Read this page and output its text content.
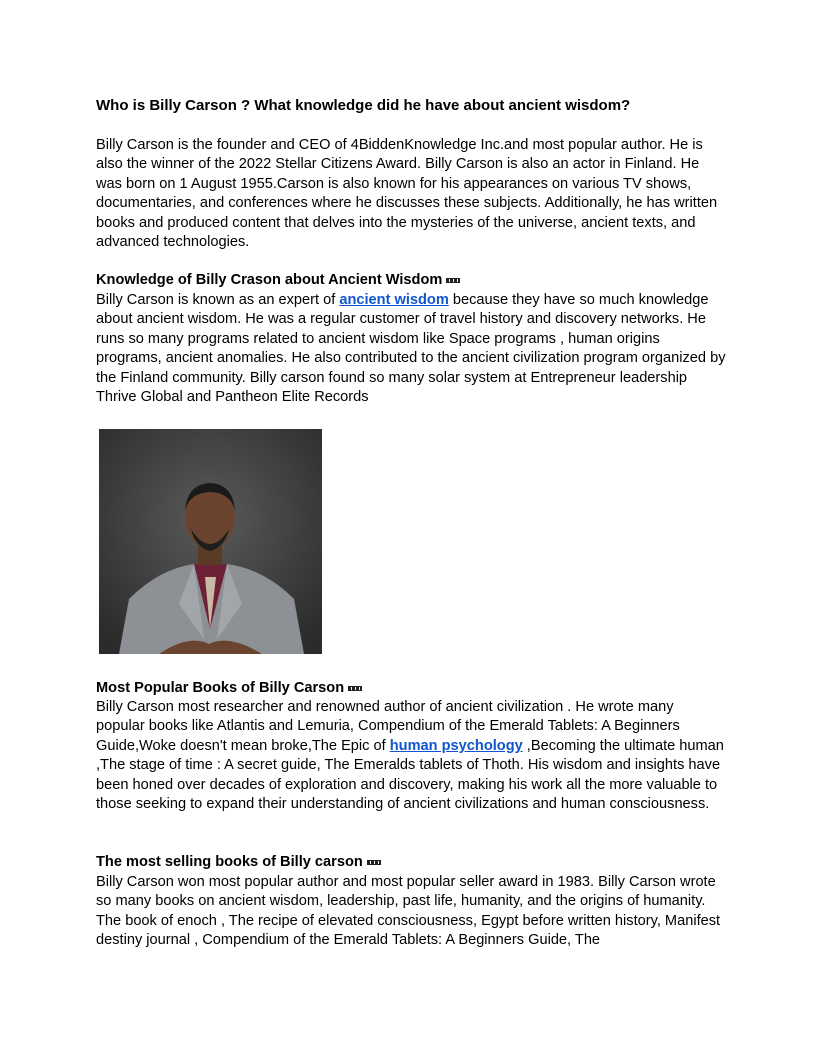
Who is Billy Carson ? What knowledge did he have about ancient wisdom?

Billy Carson is the founder and CEO of 4BiddenKnowledge Inc.and most popular author. He is also the winner of the 2022 Stellar Citizens Award. Billy Carson is also an actor in Finland. He was born on 1 August 1955.Carson is also known for his appearances on various TV shows, documentaries, and conferences where he discusses these subjects. Additionally, he has written books and produced content that delves into the mysteries of the universe, ancient texts, and advanced technologies.

Knowledge of Billy Crason about Ancient Wisdom

Billy Carson is known as an expert of ancient wisdom because they have so much knowledge about ancient wisdom. He was a regular customer of travel history and discovery networks. He runs so many programs related to ancient wisdom like Space programs , human origins programs, ancient anomalies. He also contributed to the ancient civilization program organized by the Finland community. Billy carson found so many solar system at Entrepreneur leadership Thrive Global and Pantheon Elite Records

Most Popular Books of Billy Carson

Billy Carson most researcher and renowned author of ancient civilization . He wrote many popular books like Atlantis and Lemuria, Compendium of the Emerald Tablets: A Beginners Guide,Woke doesn't mean broke,The Epic of human psychology ,Becoming the ultimate human ,The stage of time : A secret guide, The Emeralds tablets of Thoth. His wisdom and insights have been honed over decades of exploration and discovery, making his work all the more valuable to those seeking to expand their understanding of ancient civilizations and human consciousness.

The most selling books of Billy carson

Billy Carson won most popular author and most popular seller award in 1983. Billy Carson wrote so many books on ancient wisdom, leadership, past life, humanity, and the origins of humanity. The book of enoch , The recipe of elevated consciousness, Egypt before written history, Manifest destiny journal , Compendium of the Emerald Tablets: A Beginners Guide, The
